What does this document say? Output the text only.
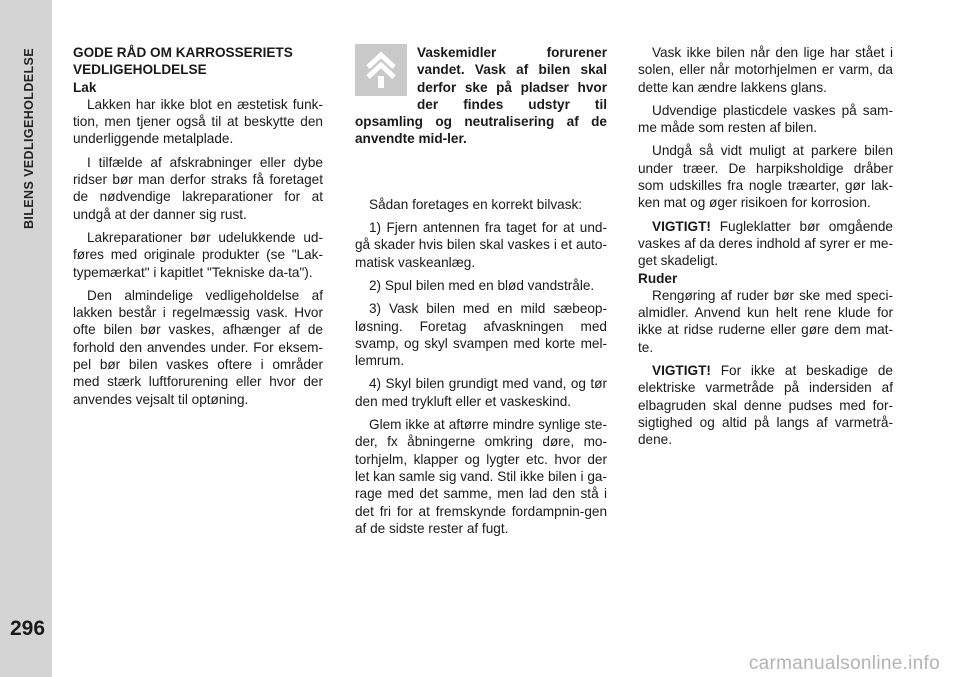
BILENS VEDLIGEHOLDELSE
296

GODE RÅD OM KARROSSERIETS
VEDLIGEHOLDELSE

Lak

Lakken har ikke blot en æstetisk funk-tion, men tjener også til at beskytte den underliggende metalplade.

I tilfælde af afskrabninger eller dybe ridser bør man derfor straks få foretaget de nødvendige lakreparationer for at undgå at der danner sig rust.

Lakreparationer bør udelukkende ud-føres med originale produkter (se "Lak-typemærkat" i kapitlet "Tekniske da-ta").

Den almindelige vedligeholdelse af lakken består i regelmæssig vask. Hvor ofte bilen bør vaskes, afhænger af de forhold den anvendes under. For eksem-pel bør bilen vaskes oftere i områder med stærk luftforurening eller hvor der anvendes vejsalt til optøning.

Vaskemidler forurener vandet. Vask af bilen skal derfor ske på pladser hvor der findes udstyr til opsamling og neutralisering af de anvendte mid-ler.

Sådan foretages en korrekt bilvask:

1) Fjern antennen fra taget for at und-gå skader hvis bilen skal vaskes i et auto-matisk vaskeanlæg.

2) Spul bilen med en blød vandstråle.

3) Vask bilen med en mild sæbeop-løsning. Foretag afvaskningen med svamp, og skyl svampen med korte mel-lemrum.

4) Skyl bilen grundigt med vand, og tør den med trykluft eller et vaskeskind.

Glem ikke at aftørre mindre synlige ste-der, fx åbningerne omkring døre, mo-torhjelm, klapper og lygter etc. hvor der let kan samle sig vand. Stil ikke bilen i ga-rage med det samme, men lad den stå i det fri for at fremskynde fordampnin-gen af de sidste rester af fugt.

Vask ikke bilen når den lige har stået i solen, eller når motorhjelmen er varm, da dette kan ændre lakkens glans.

Udvendige plasticdele vaskes på sam-me måde som resten af bilen.

Undgå så vidt muligt at parkere bilen under træer. De harpiksholdige dråber som udskilles fra nogle træarter, gør lak-ken mat og øger risikoen for korrosion.

VIGTIGT! Fugleklatter bør omgående vaskes af da deres indhold af syrer er me-get skadeligt.

Ruder

Rengøring af ruder bør ske med speci-almidler. Anvend kun helt rene klude for ikke at ridse ruderne eller gøre dem mat-te.

VIGTIGT! For ikke at beskadige de elektriske varmetråde på indersiden af elbagruden skal denne pudses med for-sigtighed og altid på langs af varmetrå-dene.

carmanualsonline.info
